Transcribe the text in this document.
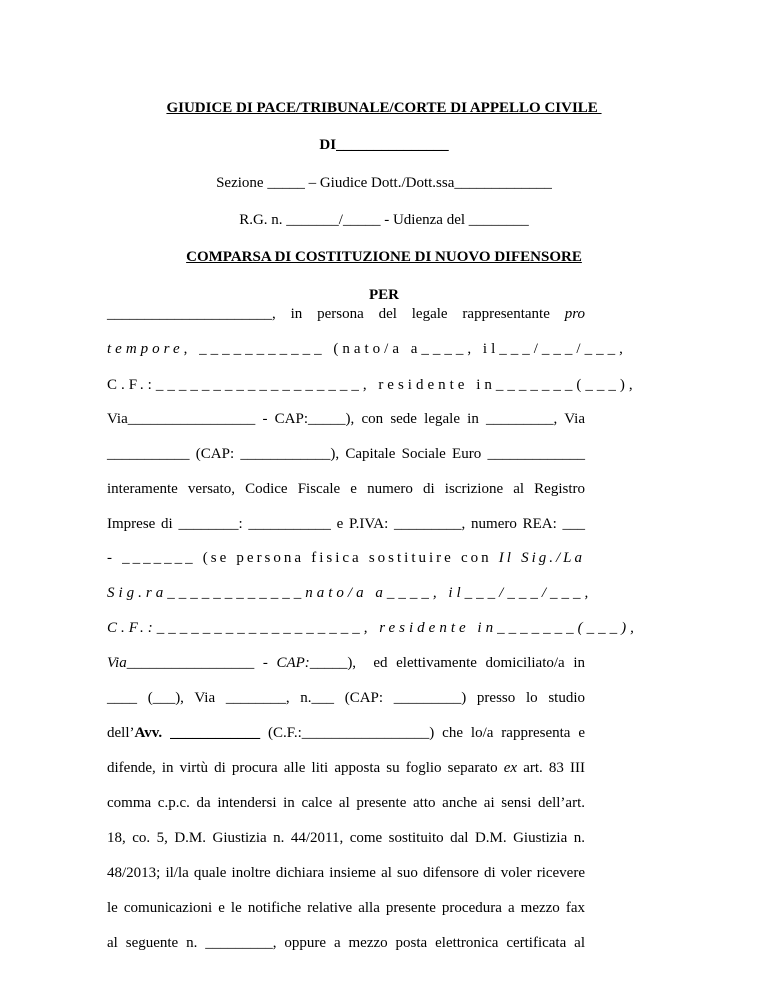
GIUDICE DI PACE/TRIBUNALE/CORTE DI APPELLO CIVILE
DI_______________
Sezione _____ – Giudice Dott./Dott.ssa_____________
R.G. n. _______/_____ - Udienza del ________
COMPARSA DI COSTITUZIONE DI NUOVO DIFENSORE
PER
______________________, in persona del legale rappresentante pro
tempore, ___________ (nato/a a____, il___/___/___,
C.F.:__________________, residente in_______(___),
Via_________________ - CAP:_____), con sede legale in _________, Via
___________ (CAP: ____________), Capitale Sociale Euro _____________
interamente versato, Codice Fiscale e numero di iscrizione al Registro
Imprese di ________: ___________ e P.IVA: _________, numero REA: ___
- _______ (se persona fisica sostituire con Il Sig./La
Sig.ra____________nato/a a____, il___/___/___,
C.F.:__________________, residente in_______(___),
Via_________________ - CAP:_____),  ed elettivamente domiciliato/a in
____ (___), Via ________, n.___ (CAP: _________) presso lo studio
dell’Avv. ____________ (C.F.:_________________) che lo/a rappresenta e
difende, in virtù di procura alle liti apposta su foglio separato ex art. 83 III
comma c.p.c. da intendersi in calce al presente atto anche ai sensi dell’art.
18, co. 5, D.M. Giustizia n. 44/2011, come sostituito dal D.M. Giustizia n.
48/2013; il/la quale inoltre dichiara insieme al suo difensore di voler ricevere
le comunicazioni e le notifiche relative alla presente procedura a mezzo fax
al seguente n. _________, oppure a mezzo posta elettronica certificata al
